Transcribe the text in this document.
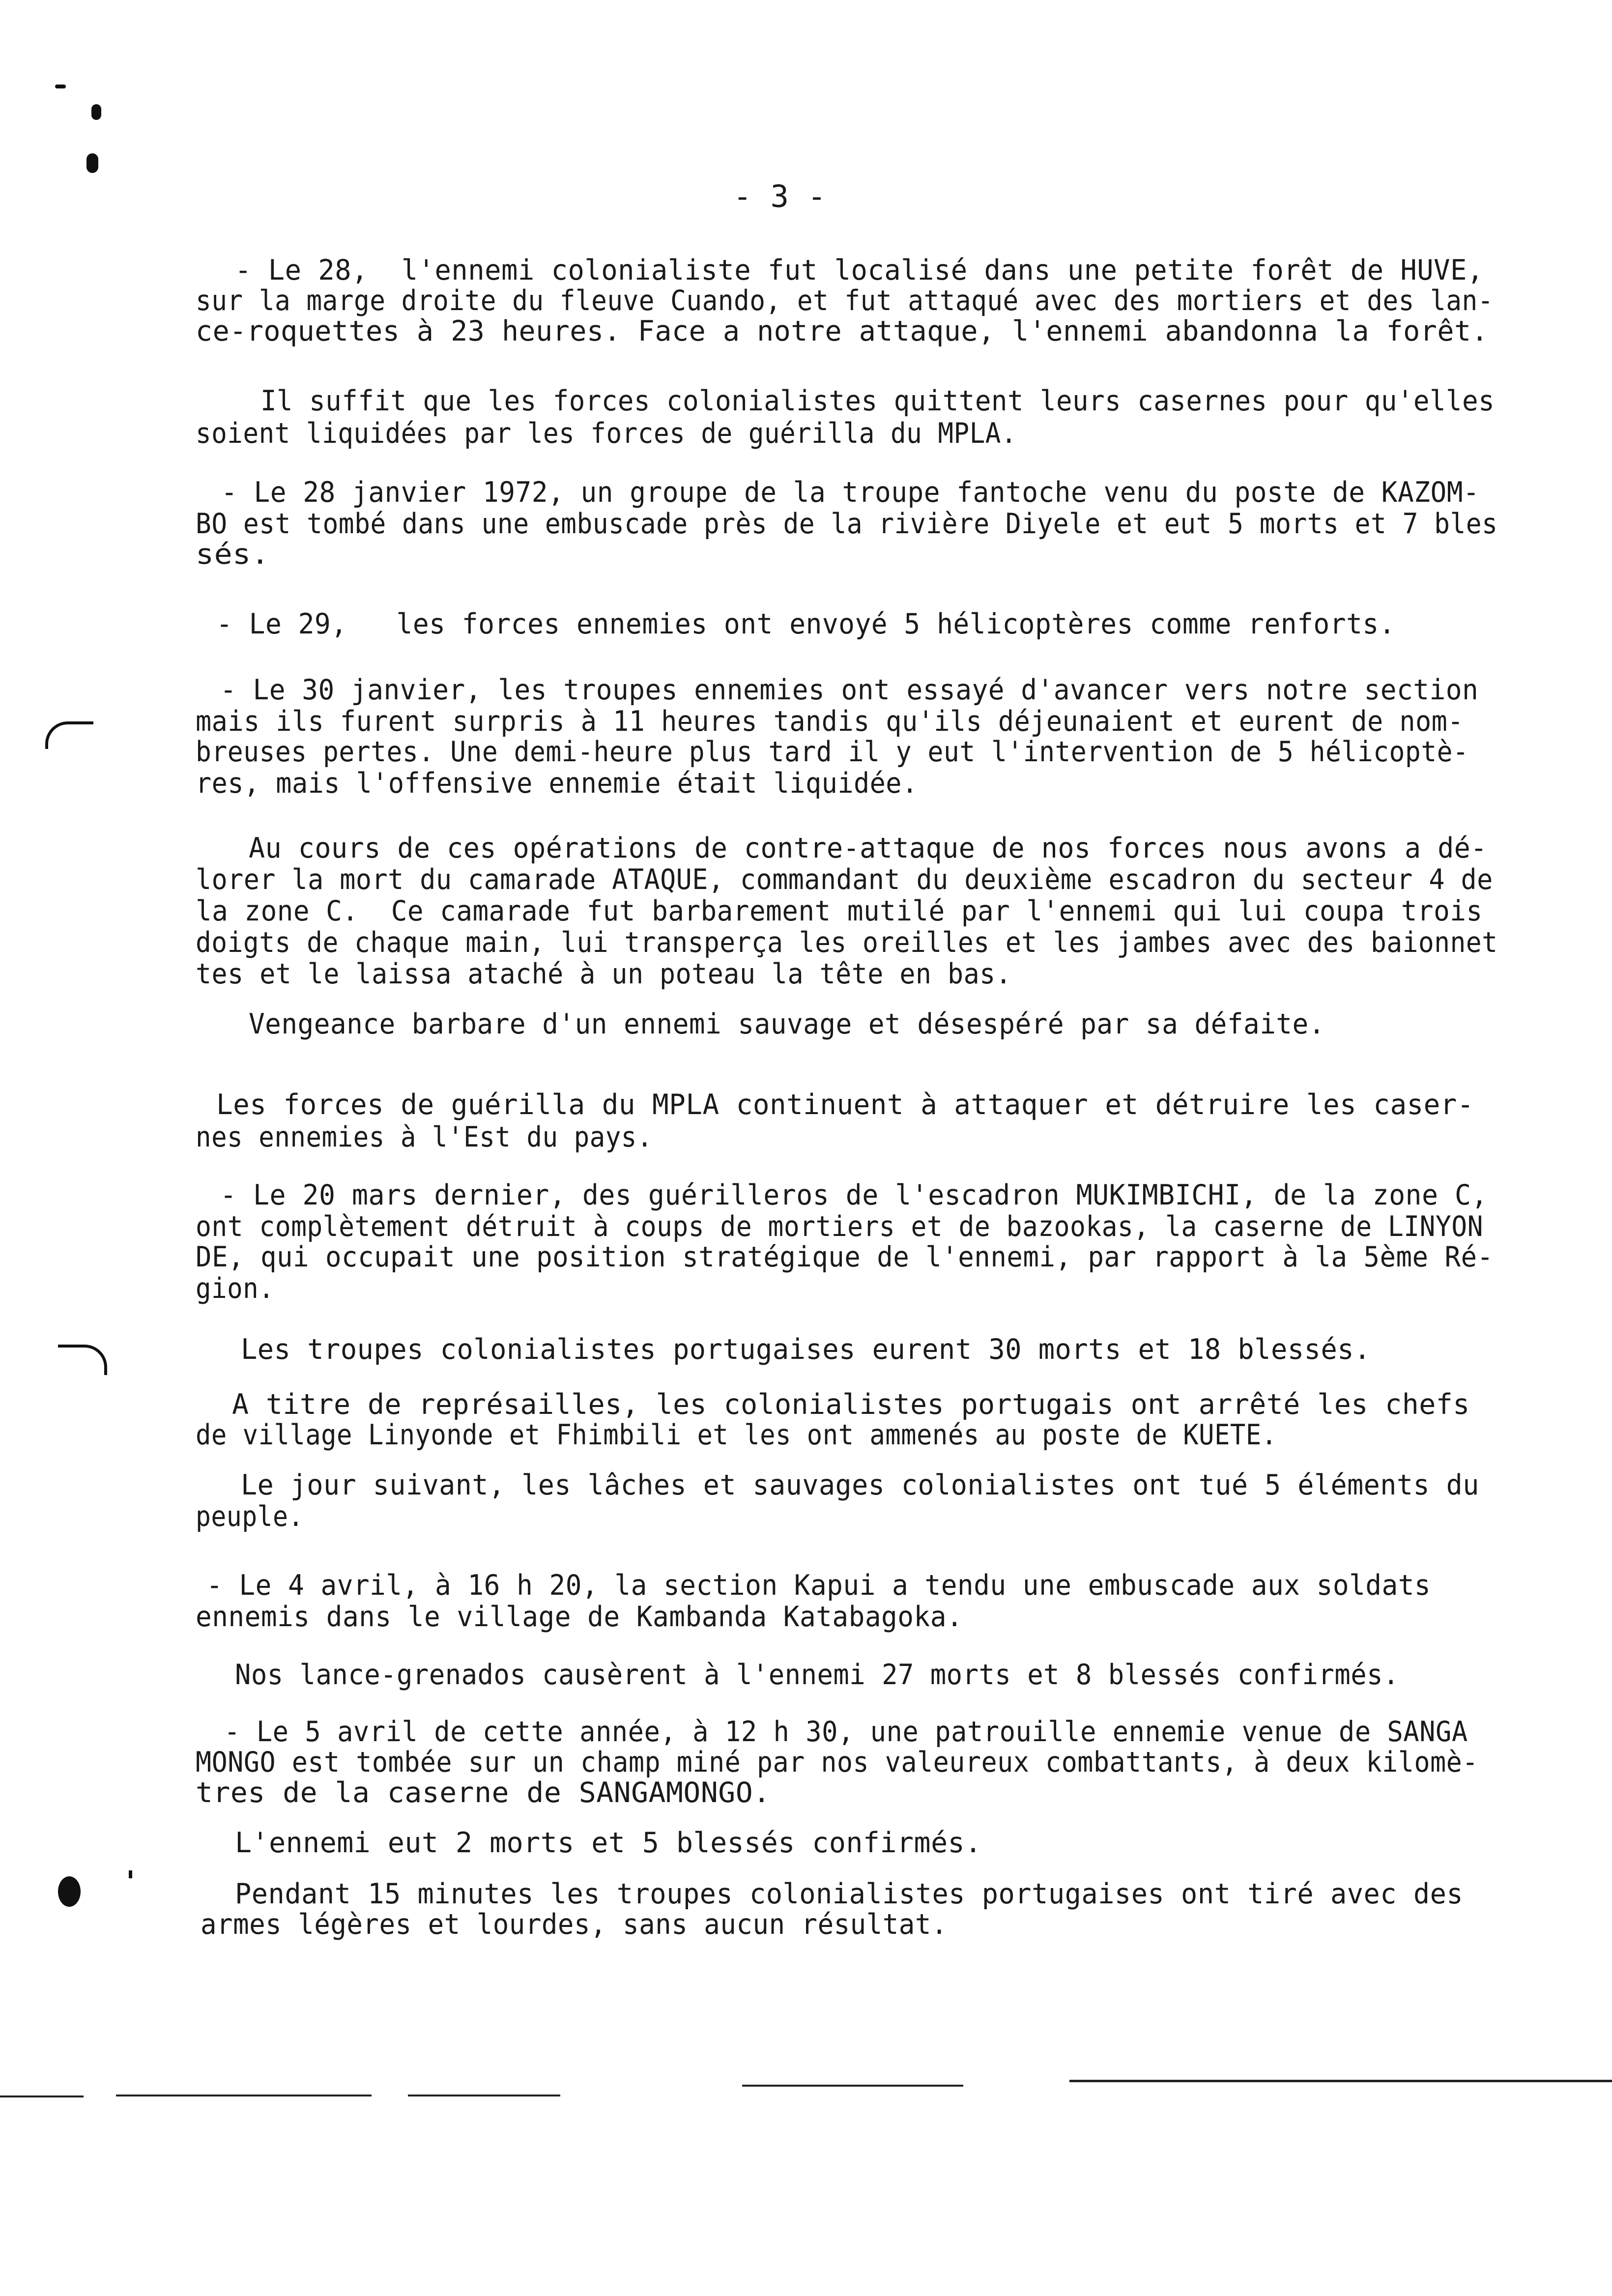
- 3 -
- Le 28,  l'ennemi colonialiste fut localisé dans une petite forêt de HUVE,
sur la marge droite du fleuve Cuando, et fut attaqué avec des mortiers et des lan-
ce-roquettes à 23 heures. Face a notre attaque, l'ennemi abandonna la forêt.
Il suffit que les forces colonialistes quittent leurs casernes pour qu'elles
soient liquidées par les forces de guérilla du MPLA.
- Le 28 janvier 1972, un groupe de la troupe fantoche venu du poste de KAZOM-
BO est tombé dans une embuscade près de la rivière Diyele et eut 5 morts et 7 bles
sés.
- Le 29,   les forces ennemies ont envoyé 5 hélicoptères comme renforts.
- Le 30 janvier, les troupes ennemies ont essayé d'avancer vers notre section
mais ils furent surpris à 11 heures tandis qu'ils déjeunaient et eurent de nom-
breuses pertes. Une demi-heure plus tard il y eut l'intervention de 5 hélicoptè-
res, mais l'offensive ennemie était liquidée.
Au cours de ces opérations de contre-attaque de nos forces nous avons a dé-
lorer la mort du camarade ATAQUE, commandant du deuxième escadron du secteur 4 de
la zone C.  Ce camarade fut barbarement mutilé par l'ennemi qui lui coupa trois
doigts de chaque main, lui transperça les oreilles et les jambes avec des baionnet
tes et le laissa ataché à un poteau la tête en bas.
Vengeance barbare d'un ennemi sauvage et désespéré par sa défaite.
Les forces de guérilla du MPLA continuent à attaquer et détruire les caser-
nes ennemies à l'Est du pays.
- Le 20 mars dernier, des guérilleros de l'escadron MUKIMBICHI, de la zone C,
ont complètement détruit à coups de mortiers et de bazookas, la caserne de LINYON
DE, qui occupait une position stratégique de l'ennemi, par rapport à la 5ème Ré-
gion.
Les troupes colonialistes portugaises eurent 30 morts et 18 blessés.
A titre de représailles, les colonialistes portugais ont arrêté les chefs
de village Linyonde et Fhimbili et les ont ammenés au poste de KUETE.
Le jour suivant, les lâches et sauvages colonialistes ont tué 5 éléments du
peuple.
- Le 4 avril, à 16 h 20, la section Kapui a tendu une embuscade aux soldats
ennemis dans le village de Kambanda Katabagoka.
Nos lance-grenados causèrent à l'ennemi 27 morts et 8 blessés confirmés.
- Le 5 avril de cette année, à 12 h 30, une patrouille ennemie venue de SANGA
MONGO est tombée sur un champ miné par nos valeureux combattants, à deux kilomè-
tres de la caserne de SANGAMONGO.
L'ennemi eut 2 morts et 5 blessés confirmés.
Pendant 15 minutes les troupes colonialistes portugaises ont tiré avec des
armes légères et lourdes, sans aucun résultat.
